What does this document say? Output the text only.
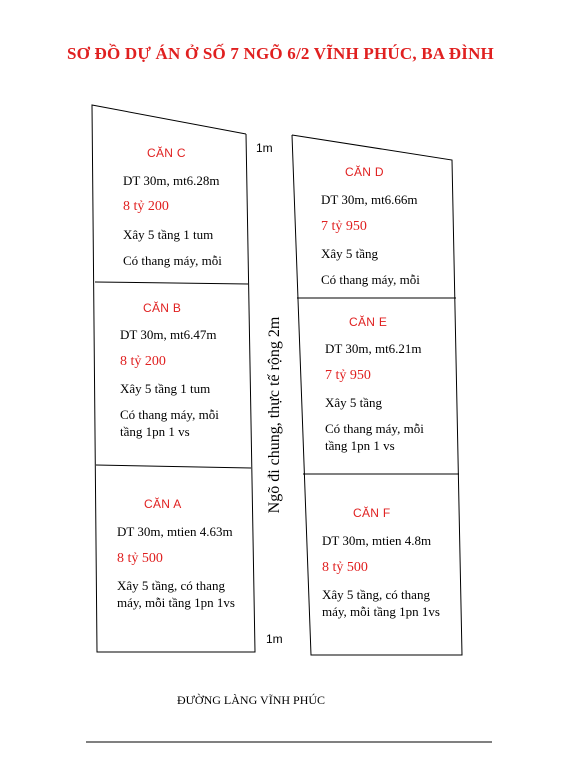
SƠ ĐỒ DỰ ÁN Ở SỐ 7 NGÕ 6/2 VĨNH PHÚC, BA ĐÌNH
1m
1m
Ngõ đi chung, thực tế rộng 2m
CĂN C
DT 30m, mt6.28m
8 tỷ 200
Xây 5 tầng 1 tum
Có thang máy, mỗi
CĂN B
DT 30m, mt6.47m
8 tỷ 200
Xây 5 tầng 1 tum
Có thang máy, mỗi
tầng 1pn 1 vs
CĂN A
DT 30m, mtien 4.63m
8 tỷ 500
Xây 5 tầng, có thang
máy, mỗi tầng 1pn 1vs
CĂN D
DT 30m, mt6.66m
7 tỷ 950
Xây 5 tầng
Có thang máy, mỗi
CĂN E
DT 30m, mt6.21m
7 tỷ 950
Xây 5 tầng
Có thang máy, mỗi
tầng 1pn 1 vs
CĂN F
DT 30m, mtien 4.8m
8 tỷ 500
Xây 5 tầng, có thang
máy, mỗi tầng 1pn 1vs
ĐƯỜNG LÀNG VĨNH PHÚC
